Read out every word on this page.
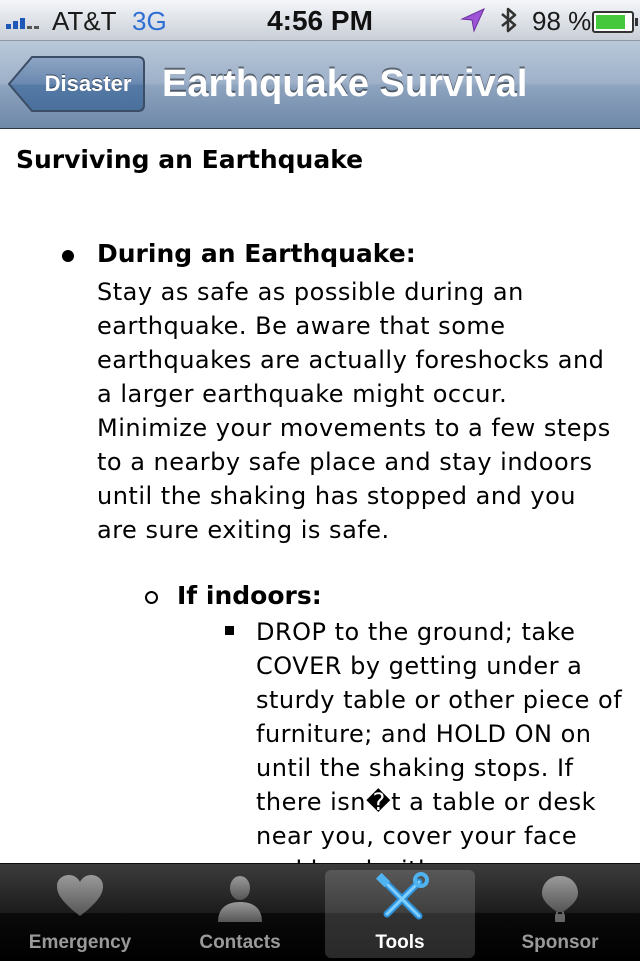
AT&T 3G	4:56 PM	98 %
Disaster Earthquake Survival
Surviving an Earthquake
During an Earthquake:
Stay as safe as possible during an earthquake. Be aware that some earthquakes are actually foreshocks and a larger earthquake might occur. Minimize your movements to a few steps to a nearby safe place and stay indoors until the shaking has stopped and you are sure exiting is safe.
If indoors:
DROP to the ground; take COVER by getting under a sturdy table or other piece of furniture; and HOLD ON on until the shaking stops. If there isn�t a table or desk near you, cover your face
Emergency	Contacts	Tools	Sponsor
